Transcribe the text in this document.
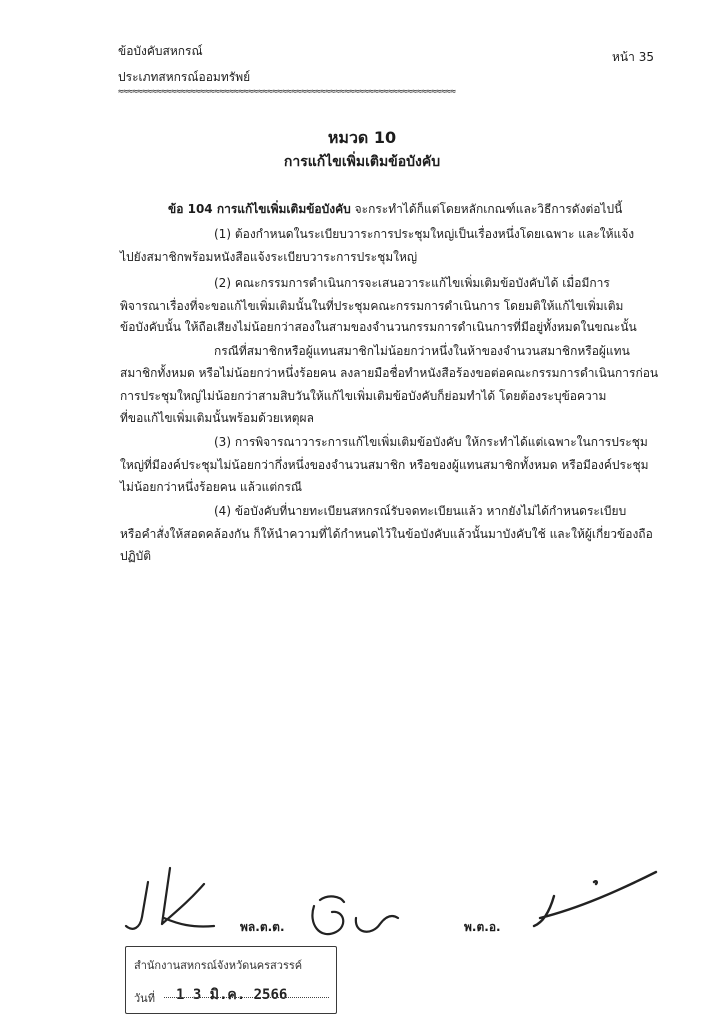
ข้อบังคับสหกรณ์
ประเภทสหกรณ์ออมทรัพย์
หน้า 35
≈≈≈≈≈≈≈≈≈≈≈≈≈≈≈≈≈≈≈≈≈≈≈≈≈≈≈≈≈≈≈≈≈≈≈≈≈≈≈≈≈≈≈≈≈≈≈≈≈≈≈≈≈≈≈≈≈≈≈≈≈≈≈≈≈≈≈≈≈≈
หมวด 10
การแก้ไขเพิ่มเติมข้อบังคับ
ข้อ 104 การแก้ไขเพิ่มเติมข้อบังคับ จะกระทำได้ก็แต่โดยหลักเกณฑ์และวิธีการดังต่อไปนี้
(1) ต้องกำหนดในระเบียบวาระการประชุมใหญ่เป็นเรื่องหนึ่งโดยเฉพาะ และให้แจ้ง
ไปยังสมาชิกพร้อมหนังสือแจ้งระเบียบวาระการประชุมใหญ่
(2) คณะกรรมการดำเนินการจะเสนอวาระแก้ไขเพิ่มเติมข้อบังคับได้ เมื่อมีการ
พิจารณาเรื่องที่จะขอแก้ไขเพิ่มเติมนั้นในที่ประชุมคณะกรรมการดำเนินการ โดยมติให้แก้ไขเพิ่มเติม
ข้อบังคับนั้น ให้ถือเสียงไม่น้อยกว่าสองในสามของจำนวนกรรมการดำเนินการที่มีอยู่ทั้งหมดในขณะนั้น
กรณีที่สมาชิกหรือผู้แทนสมาชิกไม่น้อยกว่าหนึ่งในห้าของจำนวนสมาชิกหรือผู้แทน
สมาชิกทั้งหมด หรือไม่น้อยกว่าหนึ่งร้อยคน ลงลายมือชื่อทำหนังสือร้องขอต่อคณะกรรมการดำเนินการก่อน
การประชุมใหญ่ไม่น้อยกว่าสามสิบวันให้แก้ไขเพิ่มเติมข้อบังคับก็ย่อมทำได้ โดยต้องระบุข้อความ
ที่ขอแก้ไขเพิ่มเติมนั้นพร้อมด้วยเหตุผล
(3) การพิจารณาวาระการแก้ไขเพิ่มเติมข้อบังคับ ให้กระทำได้แต่เฉพาะในการประชุม
ใหญ่ที่มีองค์ประชุมไม่น้อยกว่ากึ่งหนึ่งของจำนวนสมาชิก หรือของผู้แทนสมาชิกทั้งหมด หรือมีองค์ประชุม
ไม่น้อยกว่าหนึ่งร้อยคน แล้วแต่กรณี
(4) ข้อบังคับที่นายทะเบียนสหกรณ์รับจดทะเบียนแล้ว หากยังไม่ได้กำหนดระเบียบ
หรือคำสั่งให้สอดคล้องกัน ก็ให้นำความที่ได้กำหนดไว้ในข้อบังคับแล้วนั้นมาบังคับใช้ และให้ผู้เกี่ยวข้องถือ
ปฏิบัติ
พล.ต.ต.	พ.ต.อ.
สำนักงานสหกรณ์จังหวัดนครสวรรค์
วันที่ 1 3 มิ.ค. 2566
